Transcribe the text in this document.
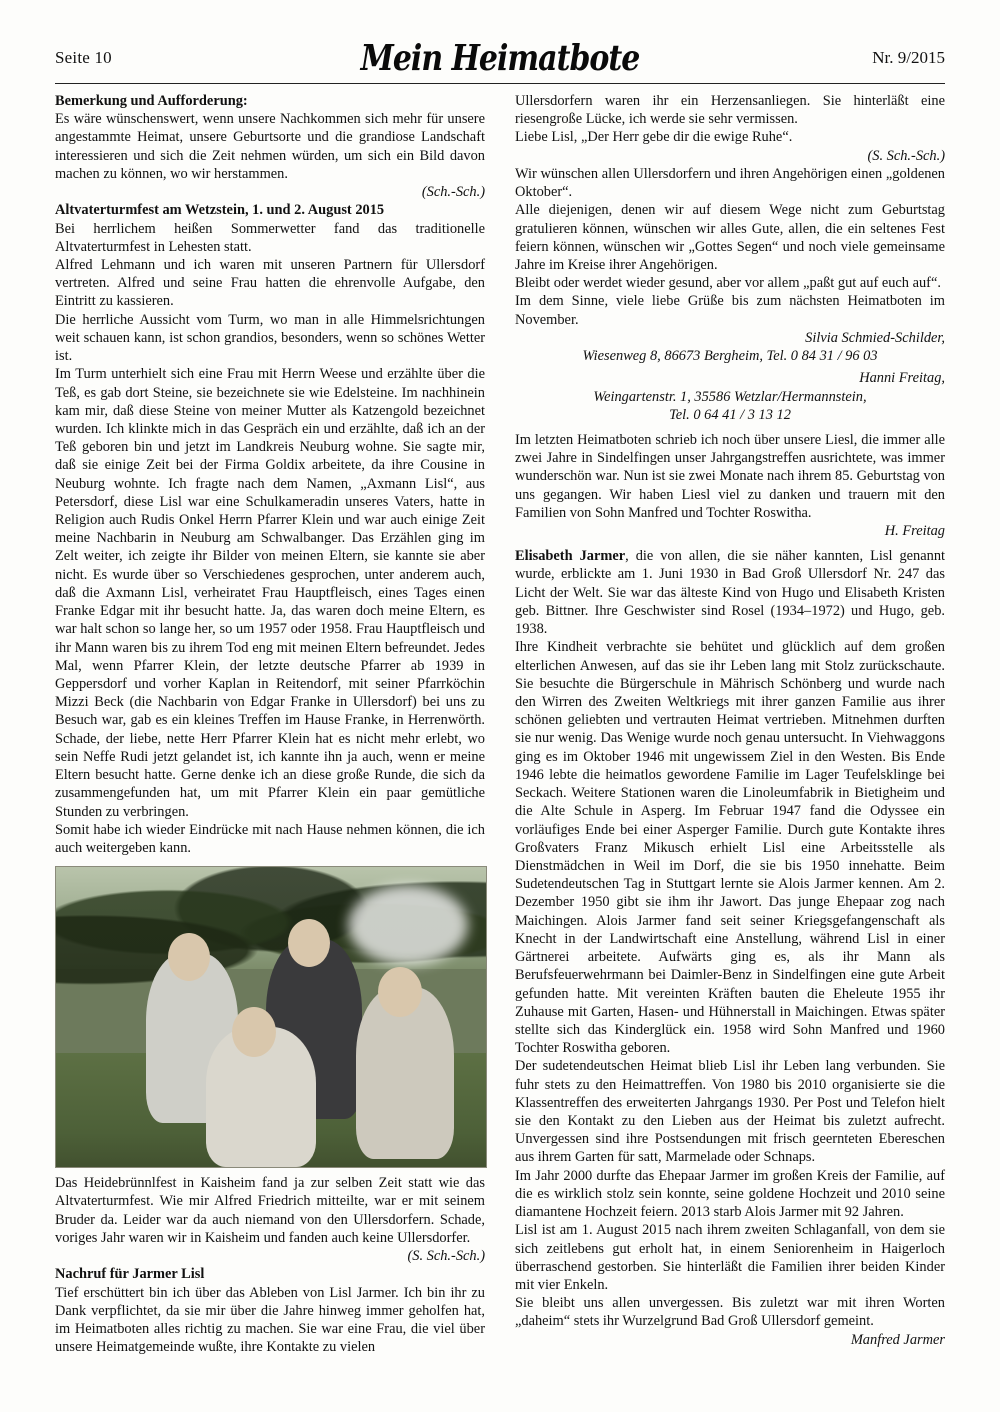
Seite 10	Mein Heimatbote	Nr. 9/2015

Bemerkung und Aufforderung:

Es wäre wünschenswert, wenn unsere Nachkommen sich mehr für unsere angestammte Heimat, unsere Geburtsorte und die grandiose Landschaft interessieren und sich die Zeit nehmen würden, um sich ein Bild davon machen zu können, wo wir herstammen.

(Sch.-Sch.)

Altvaterturmfest am Wetzstein, 1. und 2. August 2015

Bei herrlichem heißen Sommerwetter fand das traditionelle Altvaterturmfest in Lehesten statt.

Alfred Lehmann und ich waren mit unseren Partnern für Ullersdorf vertreten. Alfred und seine Frau hatten die ehrenvolle Aufgabe, den Eintritt zu kassieren.

Die herrliche Aussicht vom Turm, wo man in alle Himmelsrichtungen weit schauen kann, ist schon grandios, besonders, wenn so schönes Wetter ist.

Im Turm unterhielt sich eine Frau mit Herrn Weese und erzählte über die Teß, es gab dort Steine, sie bezeichnete sie wie Edelsteine. Im nachhinein kam mir, daß diese Steine von meiner Mutter als Katzengold bezeichnet wurden. Ich klinkte mich in das Gespräch ein und erzählte, daß ich an der Teß geboren bin und jetzt im Landkreis Neuburg wohne. Sie sagte mir, daß sie einige Zeit bei der Firma Goldix arbeitete, da ihre Cousine in Neuburg wohnte. Ich fragte nach dem Namen, „Axmann Lisl“, aus Petersdorf, diese Lisl war eine Schulkameradin unseres Vaters, hatte in Religion auch Rudis Onkel Herrn Pfarrer Klein und war auch einige Zeit meine Nachbarin in Neuburg am Schwalbanger. Das Erzählen ging im Zelt weiter, ich zeigte ihr Bilder von meinen Eltern, sie kannte sie aber nicht. Es wurde über so Verschiedenes gesprochen, unter anderem auch, daß die Axmann Lisl, verheiratet Frau Hauptfleisch, eines Tages einen Franke Edgar mit ihr besucht hatte. Ja, das waren doch meine Eltern, es war halt schon so lange her, so um 1957 oder 1958. Frau Hauptfleisch und ihr Mann waren bis zu ihrem Tod eng mit meinen Eltern befreundet. Jedes Mal, wenn Pfarrer Klein, der letzte deutsche Pfarrer ab 1939 in Geppersdorf und vorher Kaplan in Reitendorf, mit seiner Pfarrköchin Mizzi Beck (die Nachbarin von Edgar Franke in Ullersdorf) bei uns zu Besuch war, gab es ein kleines Treffen im Hause Franke, in Herrenwörth. Schade, der liebe, nette Herr Pfarrer Klein hat es nicht mehr erlebt, wo sein Neffe Rudi jetzt gelandet ist, ich kannte ihn ja auch, wenn er meine Eltern besucht hatte. Gerne denke ich an diese große Runde, die sich da zusammengefunden hat, um mit Pfarrer Klein ein paar gemütliche Stunden zu verbringen.

Somit habe ich wieder Eindrücke mit nach Hause nehmen können, die ich auch weitergeben kann.

Das Heidebrünnlfest in Kaisheim fand ja zur selben Zeit statt wie das Altvaterturmfest. Wie mir Alfred Friedrich mitteilte, war er mit seinem Bruder da. Leider war da auch niemand von den Ullersdorfern. Schade, voriges Jahr waren wir in Kaisheim und fanden auch keine Ullersdorfer.

(S. Sch.-Sch.)

Nachruf für Jarmer Lisl

Tief erschüttert bin ich über das Ableben von Lisl Jarmer. Ich bin ihr zu Dank verpflichtet, da sie mir über die Jahre hinweg immer geholfen hat, im Heimatboten alles richtig zu machen. Sie war eine Frau, die viel über unsere Heimatgemeinde wußte, ihre Kontakte zu vielen

Ullersdorfern waren ihr ein Herzensanliegen. Sie hinterläßt eine riesengroße Lücke, ich werde sie sehr vermissen.

Liebe Lisl, „Der Herr gebe dir die ewige Ruhe“.

(S. Sch.-Sch.)

Wir wünschen allen Ullersdorfern und ihren Angehörigen einen „goldenen Oktober“.

Alle diejenigen, denen wir auf diesem Wege nicht zum Geburtstag gratulieren können, wünschen wir alles Gute, allen, die ein seltenes Fest feiern können, wünschen wir „Gottes Segen“ und noch viele gemeinsame Jahre im Kreise ihrer Angehörigen.

Bleibt oder werdet wieder gesund, aber vor allem „paßt gut auf euch auf“.

Im dem Sinne, viele liebe Grüße bis zum nächsten Heimatboten im November.

Silvia Schmied-Schilder,

Wiesenweg 8, 86673 Bergheim, Tel. 0 84 31 / 96 03

Hanni Freitag,

Weingartenstr. 1, 35586 Wetzlar/Hermannstein,

Tel. 0 64 41 / 3 13 12

Im letzten Heimatboten schrieb ich noch über unsere Liesl, die immer alle zwei Jahre in Sindelfingen unser Jahrgangstreffen ausrichtete, was immer wunderschön war. Nun ist sie zwei Monate nach ihrem 85. Geburtstag von uns gegangen. Wir haben Liesl viel zu danken und trauern mit den Familien von Sohn Manfred und Tochter Roswitha.

H. Freitag

Elisabeth Jarmer, die von allen, die sie näher kannten, Lisl genannt wurde, erblickte am 1. Juni 1930 in Bad Groß Ullersdorf Nr. 247 das Licht der Welt. Sie war das älteste Kind von Hugo und Elisabeth Kristen geb. Bittner. Ihre Geschwister sind Rosel (1934–1972) und Hugo, geb. 1938.

Ihre Kindheit verbrachte sie behütet und glücklich auf dem großen elterlichen Anwesen, auf das sie ihr Leben lang mit Stolz zurückschaute. Sie besuchte die Bürgerschule in Mährisch Schönberg und wurde nach den Wirren des Zweiten Weltkriegs mit ihrer ganzen Familie aus ihrer schönen geliebten und vertrauten Heimat vertrieben. Mitnehmen durften sie nur wenig. Das Wenige wurde noch genau untersucht. In Viehwaggons ging es im Oktober 1946 mit ungewissem Ziel in den Westen. Bis Ende 1946 lebte die heimatlos gewordene Familie im Lager Teufelsklinge bei Seckach. Weitere Stationen waren die Linoleumfabrik in Bietigheim und die Alte Schule in Asperg. Im Februar 1947 fand die Odyssee ein vorläufiges Ende bei einer Asperger Familie. Durch gute Kontakte ihres Großvaters Franz Mikusch erhielt Lisl eine Arbeitsstelle als Dienstmädchen in Weil im Dorf, die sie bis 1950 innehatte. Beim Sudetendeutschen Tag in Stuttgart lernte sie Alois Jarmer kennen. Am 2. Dezember 1950 gibt sie ihm ihr Jawort. Das junge Ehepaar zog nach Maichingen. Alois Jarmer fand seit seiner Kriegsgefangenschaft als Knecht in der Landwirtschaft eine Anstellung, während Lisl in einer Gärtnerei arbeitete. Aufwärts ging es, als ihr Mann als Berufsfeuerwehrmann bei Daimler-Benz in Sindelfingen eine gute Arbeit gefunden hatte. Mit vereinten Kräften bauten die Eheleute 1955 ihr Zuhause mit Garten, Hasen- und Hühnerstall in Maichingen. Etwas später stellte sich das Kinderglück ein. 1958 wird Sohn Manfred und 1960 Tochter Roswitha geboren.

Der sudetendeutschen Heimat blieb Lisl ihr Leben lang verbunden. Sie fuhr stets zu den Heimattreffen. Von 1980 bis 2010 organisierte sie die Klassentreffen des erweiterten Jahrgangs 1930. Per Post und Telefon hielt sie den Kontakt zu den Lieben aus der Heimat bis zuletzt aufrecht. Unvergessen sind ihre Postsendungen mit frisch geernteten Ebereschen aus ihrem Garten für satt, Marmelade oder Schnaps.

Im Jahr 2000 durfte das Ehepaar Jarmer im großen Kreis der Familie, auf die es wirklich stolz sein konnte, seine goldene Hochzeit und 2010 seine diamantene Hochzeit feiern. 2013 starb Alois Jarmer mit 92 Jahren.

Lisl ist am 1. August 2015 nach ihrem zweiten Schlaganfall, von dem sie sich zeitlebens gut erholt hat, in einem Seniorenheim in Haigerloch überraschend gestorben. Sie hinterläßt die Familien ihrer beiden Kinder mit vier Enkeln.

Sie bleibt uns allen unvergessen. Bis zuletzt war mit ihren Worten „daheim“ stets ihr Wurzelgrund Bad Groß Ullersdorf gemeint.

Manfred Jarmer
